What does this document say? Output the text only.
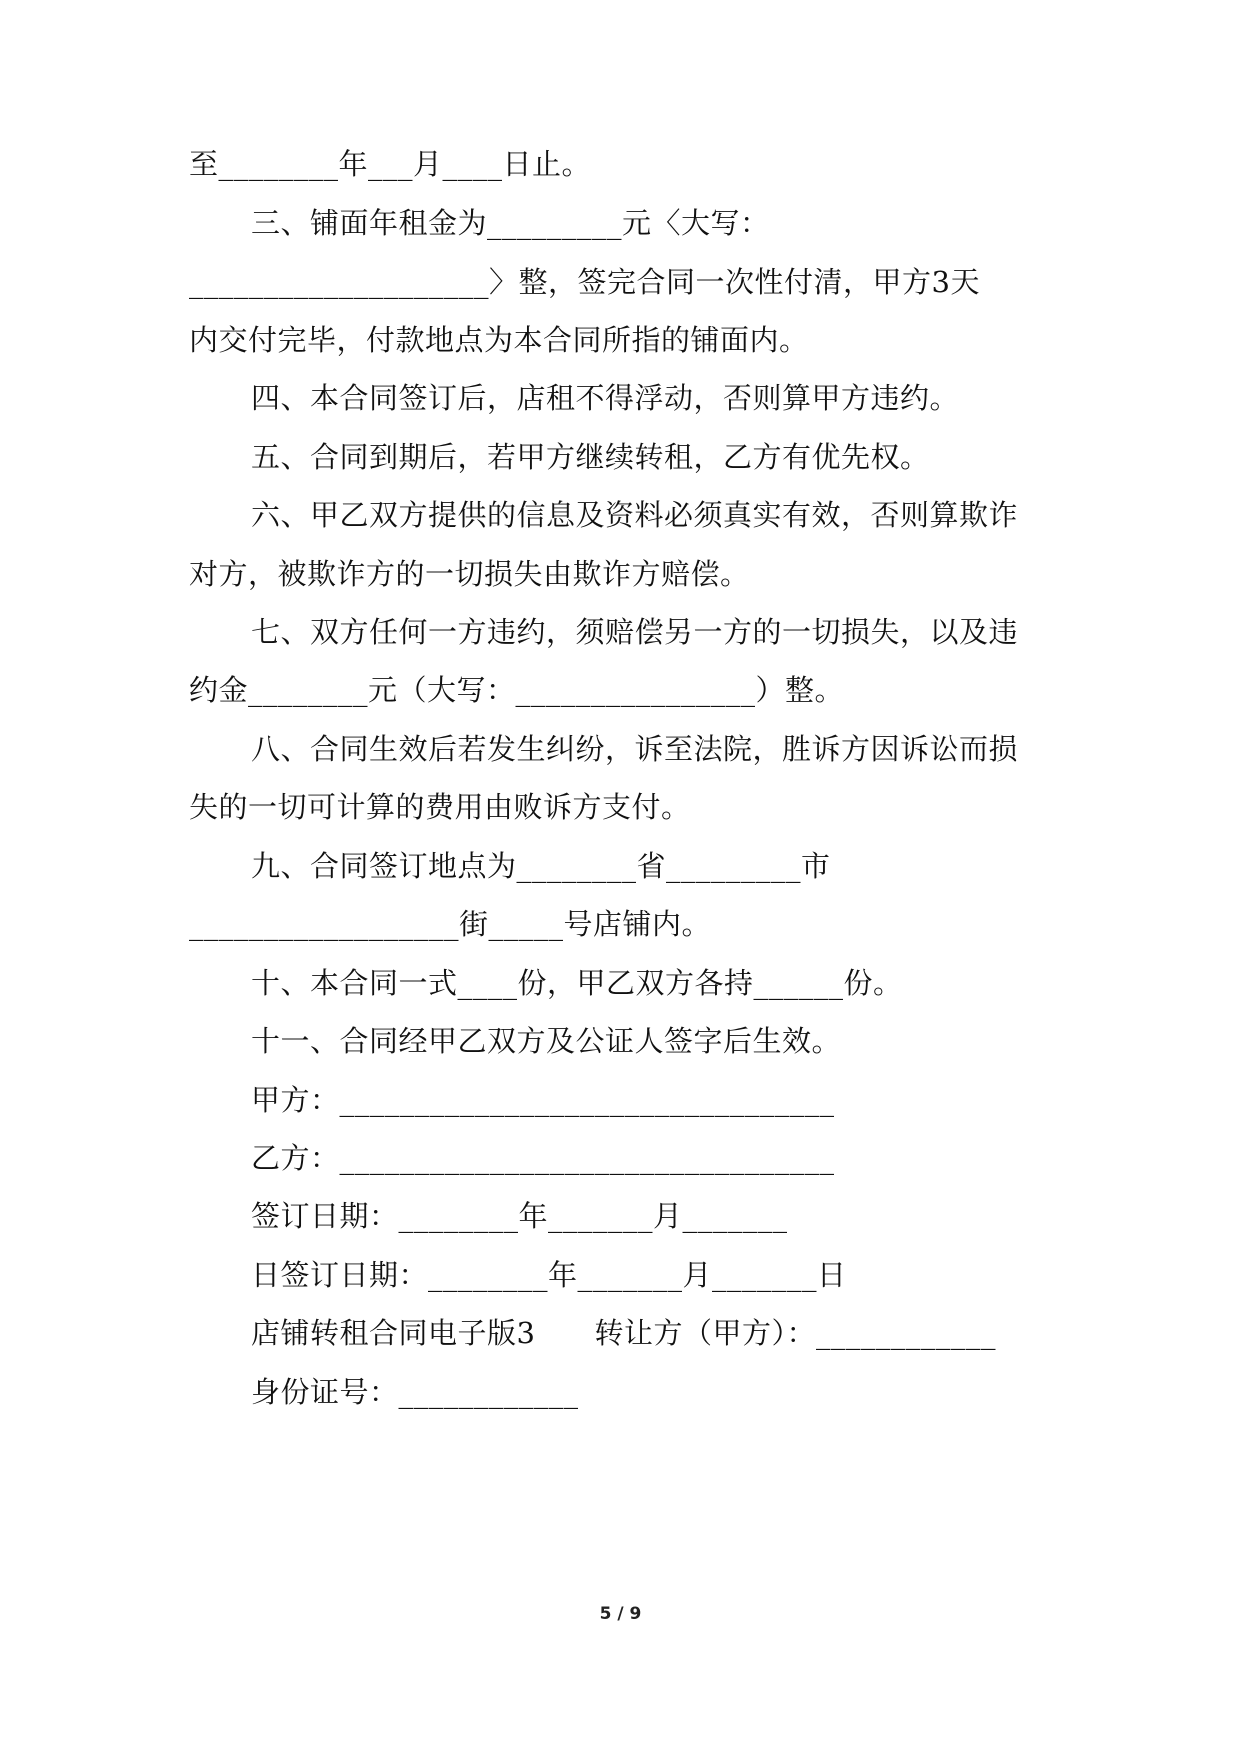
至________年___月____日止。
三、铺面年租金为_________元〈大写：
____________________〉整，签完合同一次性付清，甲方3天
内交付完毕，付款地点为本合同所指的铺面内。
四、本合同签订后，店租不得浮动，否则算甲方违约。
五、合同到期后，若甲方继续转租，乙方有优先权。
六、甲乙双方提供的信息及资料必须真实有效，否则算欺诈
对方，被欺诈方的一切损失由欺诈方赔偿。
七、双方任何一方违约，须赔偿另一方的一切损失，以及违
约金________元（大写：________________）整。
八、合同生效后若发生纠纷，诉至法院，胜诉方因诉讼而损
失的一切可计算的费用由败诉方支付。
九、合同签订地点为________省_________市
__________________街_____号店铺内。
十、本合同一式____份，甲乙双方各持______份。
十一、合同经甲乙双方及公证人签字后生效。
甲方：_________________________________
乙方：_________________________________
签订日期：________年_______月_______
日签订日期：________年_______月_______日
店铺转租合同电子版3　　转让方（甲方）：____________
身份证号：____________
5 / 9
